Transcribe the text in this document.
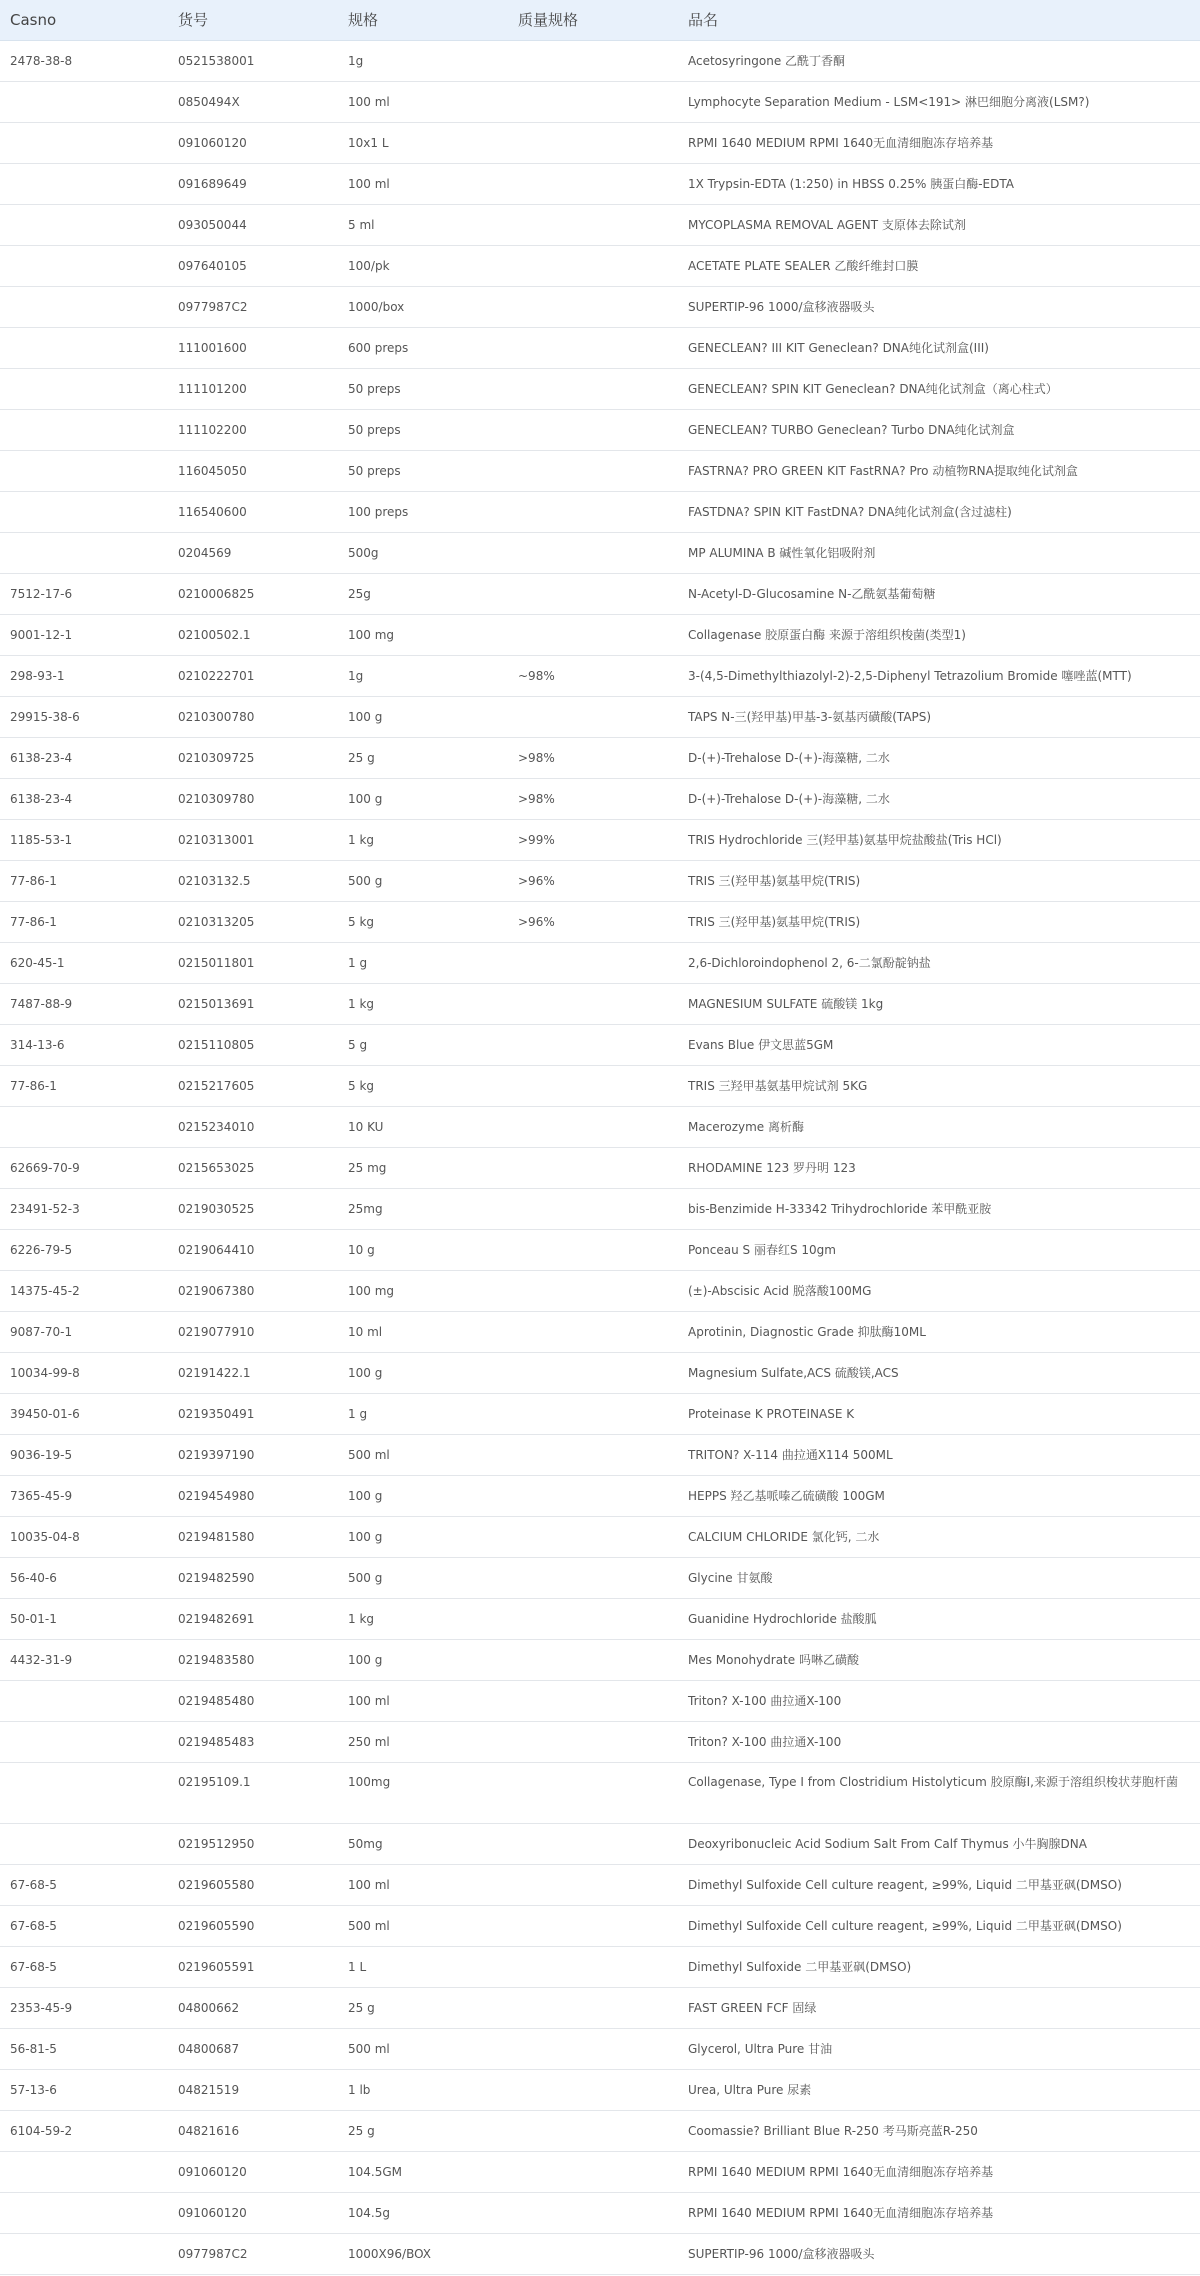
Casno	货号	规格	质量规格	品名
2478-38-8	0521538001	1g		Acetosyringone 乙酰丁香酮
	0850494X	100 ml		Lymphocyte Separation Medium - LSM<191> 淋巴细胞分离液(LSM?)
	091060120	10x1 L		RPMI 1640 MEDIUM RPMI 1640无血清细胞冻存培养基
	091689649	100 ml		1X Trypsin-EDTA (1:250) in HBSS 0.25% 胰蛋白酶-EDTA
	093050044	5 ml		MYCOPLASMA REMOVAL AGENT 支原体去除试剂
	097640105	100/pk		ACETATE PLATE SEALER 乙酸纤维封口膜
	0977987C2	1000/box		SUPERTIP-96 1000/盒移液器吸头
	111001600	600 preps		GENECLEAN? III KIT Geneclean? DNA纯化试剂盒(III)
	111101200	50 preps		GENECLEAN? SPIN KIT Geneclean? DNA纯化试剂盒（离心柱式）
	111102200	50 preps		GENECLEAN? TURBO Geneclean? Turbo DNA纯化试剂盒
	116045050	50 preps		FASTRNA? PRO GREEN KIT FastRNA? Pro 动植物RNA提取纯化试剂盒
	116540600	100 preps		FASTDNA? SPIN KIT FastDNA? DNA纯化试剂盒(含过滤柱)
	0204569	500g		MP ALUMINA B 碱性氧化铝吸附剂
7512-17-6	0210006825	25g		N-Acetyl-D-Glucosamine N-乙酰氨基葡萄糖
9001-12-1	02100502.1	100 mg		Collagenase 胶原蛋白酶 来源于溶组织梭菌(类型1)
298-93-1	0210222701	1g	~98%	3-(4,5-Dimethylthiazolyl-2)-2,5-Diphenyl Tetrazolium Bromide 噻唑蓝(MTT)
29915-38-6	0210300780	100 g		TAPS N-三(羟甲基)甲基-3-氨基丙磺酸(TAPS)
6138-23-4	0210309725	25 g	>98%	D-(+)-Trehalose D-(+)-海藻糖, 二水
6138-23-4	0210309780	100 g	>98%	D-(+)-Trehalose D-(+)-海藻糖, 二水
1185-53-1	0210313001	1 kg	>99%	TRIS Hydrochloride 三(羟甲基)氨基甲烷盐酸盐(Tris HCl)
77-86-1	02103132.5	500 g	>96%	TRIS 三(羟甲基)氨基甲烷(TRIS)
77-86-1	0210313205	5 kg	>96%	TRIS 三(羟甲基)氨基甲烷(TRIS)
620-45-1	0215011801	1 g		2,6-Dichloroindophenol 2, 6-二氯酚靛钠盐
7487-88-9	0215013691	1 kg		MAGNESIUM SULFATE 硫酸镁 1kg
314-13-6	0215110805	5 g		Evans Blue 伊文思蓝5GM
77-86-1	0215217605	5 kg		TRIS 三羟甲基氨基甲烷试剂 5KG
	0215234010	10 KU		Macerozyme 离析酶
62669-70-9	0215653025	25 mg		RHODAMINE 123 罗丹明 123
23491-52-3	0219030525	25mg		bis-Benzimide H-33342 Trihydrochloride 苯甲酰亚胺
6226-79-5	0219064410	10 g		Ponceau S 丽春红S 10gm
14375-45-2	0219067380	100 mg		(±)-Abscisic Acid 脱落酸100MG
9087-70-1	0219077910	10 ml		Aprotinin, Diagnostic Grade 抑肽酶10ML
10034-99-8	02191422.1	100 g		Magnesium Sulfate,ACS 硫酸镁,ACS
39450-01-6	0219350491	1 g		Proteinase K PROTEINASE K
9036-19-5	0219397190	500 ml		TRITON? X-114 曲拉通X114 500ML
7365-45-9	0219454980	100 g		HEPPS 羟乙基哌嗪乙硫磺酸 100GM
10035-04-8	0219481580	100 g		CALCIUM CHLORIDE 氯化钙, 二水
56-40-6	0219482590	500 g		Glycine 甘氨酸
50-01-1	0219482691	1 kg		Guanidine Hydrochloride 盐酸胍
4432-31-9	0219483580	100 g		Mes Monohydrate 吗啉乙磺酸
	0219485480	100 ml		Triton? X-100 曲拉通X-100
	0219485483	250 ml		Triton? X-100 曲拉通X-100
	02195109.1	100mg		Collagenase, Type I from Clostridium Histolyticum 胶原酶I,来源于溶组织梭状芽胞杆菌
	0219512950	50mg		Deoxyribonucleic Acid Sodium Salt From Calf Thymus 小牛胸腺DNA
67-68-5	0219605580	100 ml		Dimethyl Sulfoxide Cell culture reagent, ≥99%, Liquid 二甲基亚砜(DMSO)
67-68-5	0219605590	500 ml		Dimethyl Sulfoxide Cell culture reagent, ≥99%, Liquid 二甲基亚砜(DMSO)
67-68-5	0219605591	1 L		Dimethyl Sulfoxide 二甲基亚砜(DMSO)
2353-45-9	04800662	25 g		FAST GREEN FCF 固绿
56-81-5	04800687	500 ml		Glycerol, Ultra Pure 甘油
57-13-6	04821519	1 lb		Urea, Ultra Pure 尿素
6104-59-2	04821616	25 g		Coomassie? Brilliant Blue R-250 考马斯亮蓝R-250
	091060120	104.5GM		RPMI 1640 MEDIUM RPMI 1640无血清细胞冻存培养基
	091060120	104.5g		RPMI 1640 MEDIUM RPMI 1640无血清细胞冻存培养基
	0977987C2	1000X96/BOX		SUPERTIP-96 1000/盒移液器吸头
